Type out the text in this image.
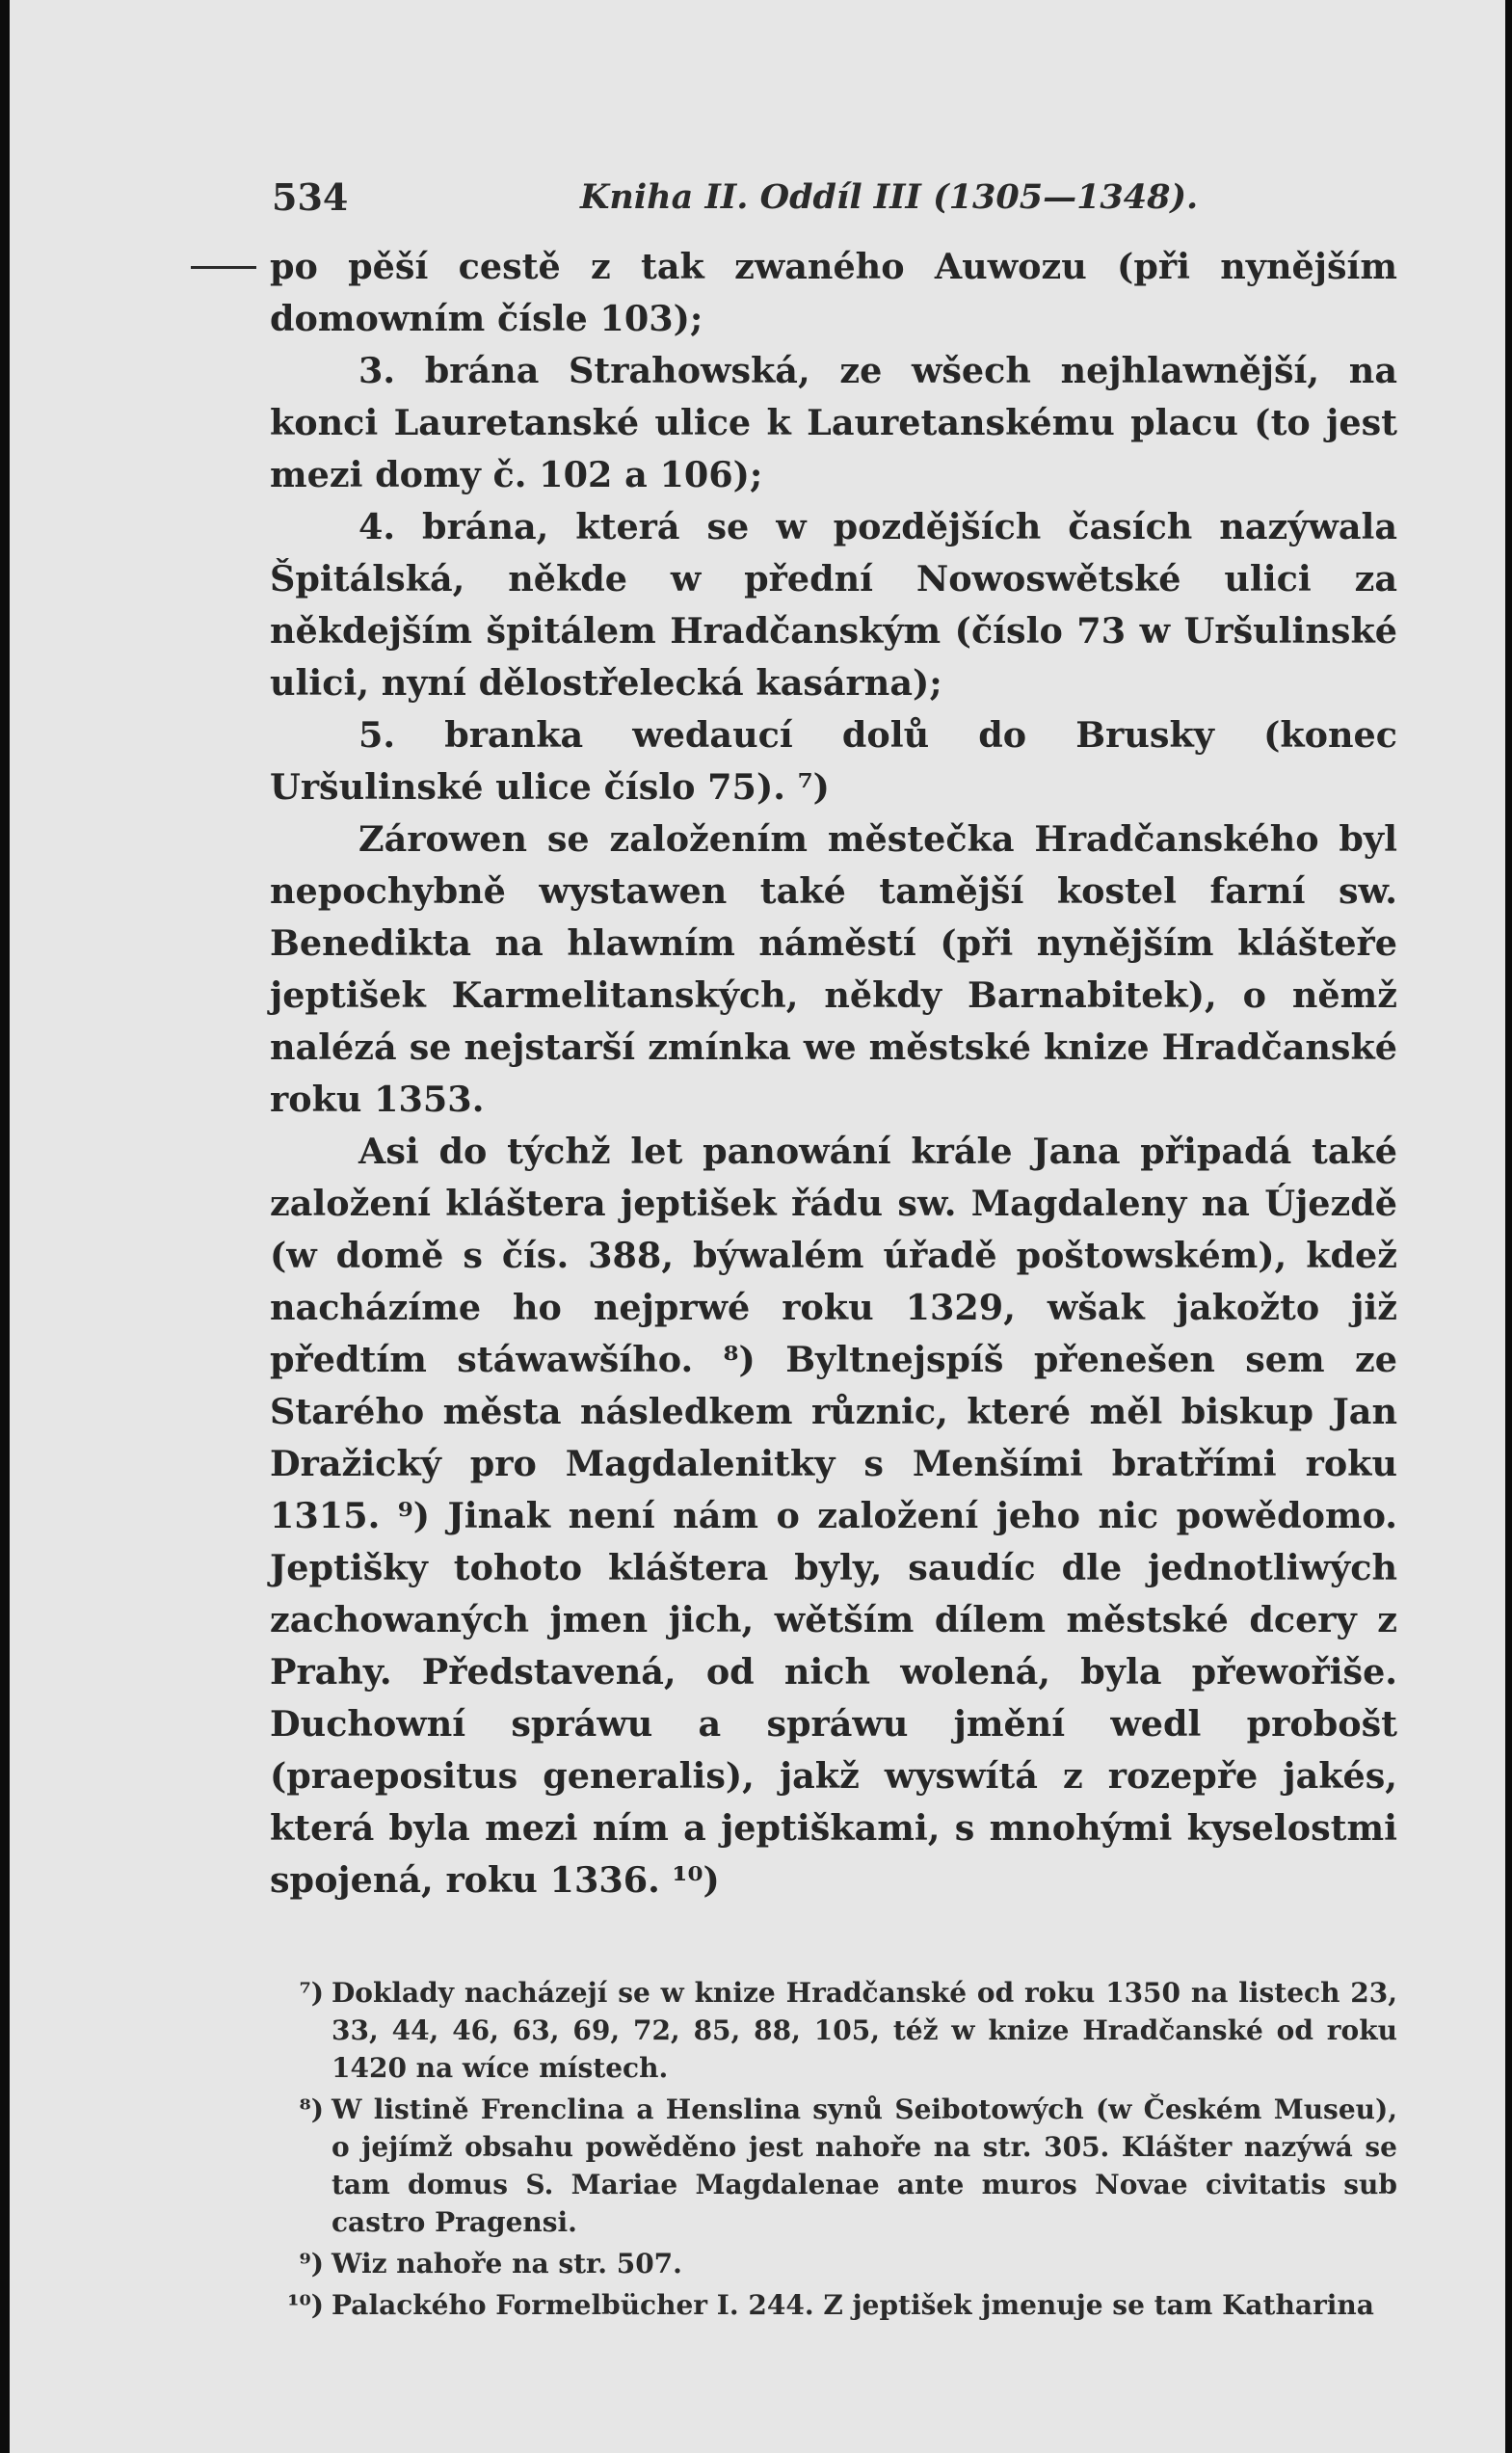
534	Kniha II. Oddíl III (1305—1348).

po pěší cestě z tak zwaného Auwozu (při nynějším domowním čísle 103);

3. brána Strahowská, ze wšech nejhlawnější, na konci Lauretanské ulice k Lauretanskému placu (to jest mezi domy č. 102 a 106);

4. brána, která se w pozdějších časích nazýwala Špitálská, někde w přední Nowoswětské ulici za někdejším špitálem Hradčanským (číslo 73 w Uršulinské ulici, nyní dělostřelecká kasárna);

5. branka wedaucí dolů do Brusky (konec Uršulinské ulice číslo 75). ⁷)

Zárowen se založením městečka Hradčanského byl nepochybně wystawen také tamější kostel farní sw. Benedikta na hlawním náměstí (při nynějším klášteře jeptišek Karmelitanských, někdy Barnabitek), o němž nalézá se nejstarší zmínka we městské knize Hradčanské roku 1353.

Asi do týchž let panowání krále Jana připadá také založení kláštera jeptišek řádu sw. Magdaleny na Újezdě (w domě s čís. 388, býwalém úřadě poštowském), kdež nacházíme ho nejprwé roku 1329, wšak jakožto již předtím stáwawšího. ⁸) Byltnejspíš přenešen sem ze Starého města následkem různic, které měl biskup Jan Dražický pro Magdalenitky s Menšími bratřími roku 1315. ⁹) Jinak není nám o založení jeho nic powědomo. Jeptišky tohoto kláštera byly, saudíc dle jednotliwých zachowaných jmen jich, wětším dílem městské dcery z Prahy. Představená, od nich wolená, byla přewořiše. Duchowní spráwu a spráwu jmění wedl probošt (praepositus generalis), jakž wyswítá z rozepře jakés, která byla mezi ním a jeptiškami, s mnohými kyselostmi spojená, roku 1336. ¹⁰)

⁷) Doklady nacházejí se w knize Hradčanské od roku 1350 na listech 23, 33, 44, 46, 63, 69, 72, 85, 88, 105, též w knize Hradčanské od roku 1420 na wíce místech.
⁸) W listině Frenclina a Henslina synů Seibotowých (w Českém Museu), o jejímž obsahu powěděno jest nahoře na str. 305. Klášter nazýwá se tam domus S. Mariae Magdalenae ante muros Novae civitatis sub castro Pragensi.
⁹) Wiz nahoře na str. 507.
¹⁰) Palackého Formelbücher I. 244. Z jeptišek jmenuje se tam Katharina
